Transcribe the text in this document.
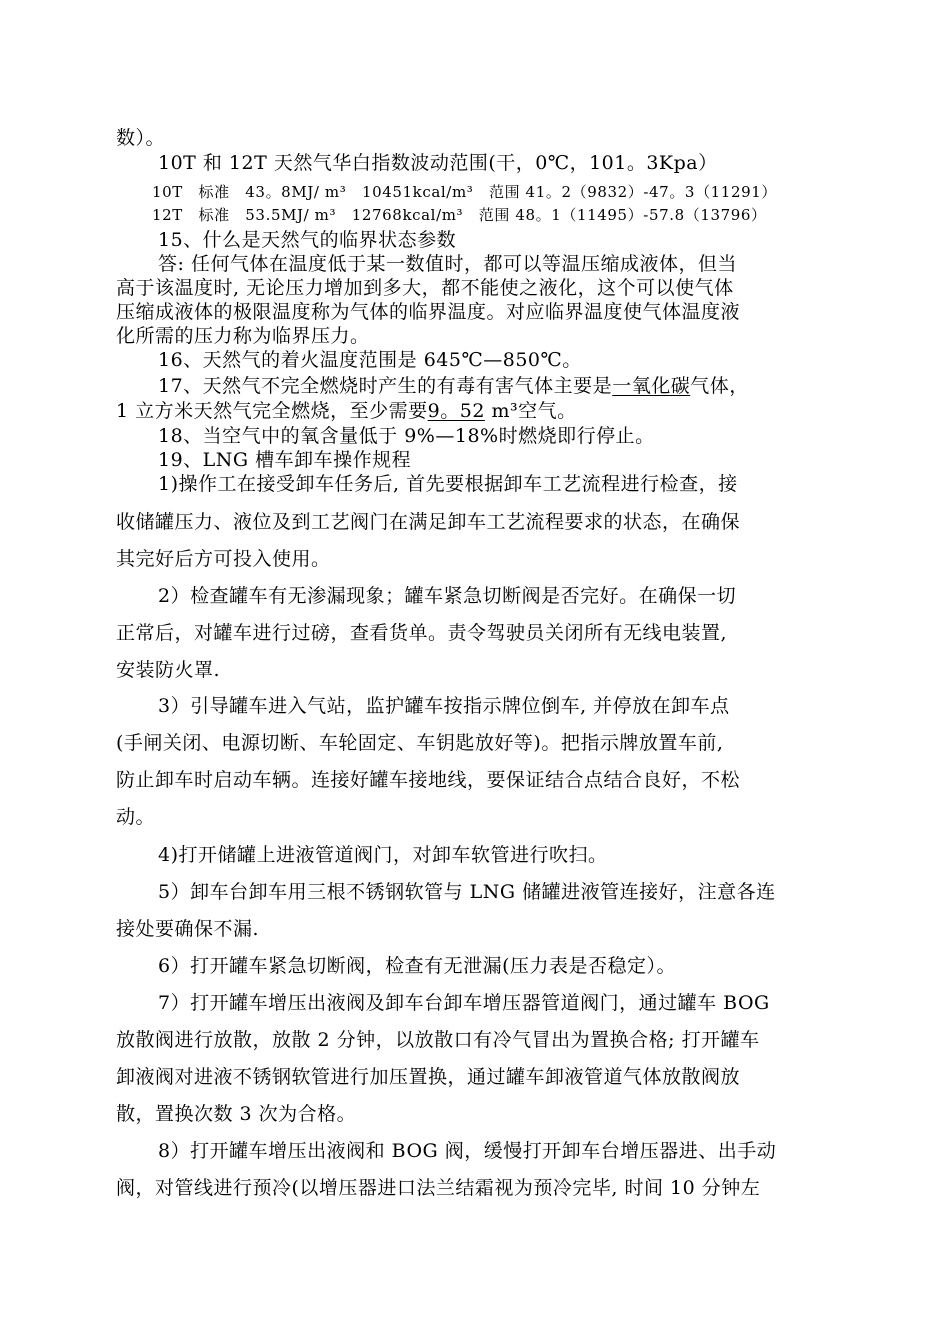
数）。
10T 和 12T 天然气华白指数波动范围(干，0℃，101。3Kpa）
10T　标准　43。8MJ/ m³　10451kcal/m³　范围 41。2（9832）-47。3（11291）
12T　标准　53.5MJ/ m³　12768kcal/m³　范围 48。1（11495）-57.8（13796）
15、什么是天然气的临界状态参数
答: 任何气体在温度低于某一数值时，都可以等温压缩成液体，但当
高于该温度时, 无论压力增加到多大，都不能使之液化，这个可以使气体
压缩成液体的极限温度称为气体的临界温度。对应临界温度使气体温度液
化所需的压力称为临界压力。
16、天然气的着火温度范围是 645℃—850℃。
17、天然气不完全燃烧时产生的有毒有害气体主要是一氧化碳气体，
1 立方米天然气完全燃烧，至少需要9。52 m³空气。
18、当空气中的氧含量低于 9%—18%时燃烧即行停止。
19、LNG 槽车卸车操作规程
1)操作工在接受卸车任务后, 首先要根据卸车工艺流程进行检查，接
收储罐压力、液位及到工艺阀门在满足卸车工艺流程要求的状态，在确保
其完好后方可投入使用。
2）检查罐车有无渗漏现象；罐车紧急切断阀是否完好。在确保一切
正常后，对罐车进行过磅，查看货单。责令驾驶员关闭所有无线电装置,
安装防火罩.
3）引导罐车进入气站，监护罐车按指示牌位倒车, 并停放在卸车点
(手闸关闭、电源切断、车轮固定、车钥匙放好等)。把指示牌放置车前,
防止卸车时启动车辆。连接好罐车接地线，要保证结合点结合良好，不松
动。
4)打开储罐上进液管道阀门，对卸车软管进行吹扫。
5）卸车台卸车用三根不锈钢软管与 LNG 储罐进液管连接好，注意各连
接处要确保不漏.
6）打开罐车紧急切断阀，检查有无泄漏(压力表是否稳定）。
7）打开罐车增压出液阀及卸车台卸车增压器管道阀门，通过罐车 BOG
放散阀进行放散，放散 2 分钟，以放散口有冷气冒出为置换合格; 打开罐车
卸液阀对进液不锈钢软管进行加压置换，通过罐车卸液管道气体放散阀放
散，置换次数 3 次为合格。
8）打开罐车增压出液阀和 BOG 阀，缓慢打开卸车台增压器进、出手动
阀，对管线进行预冷(以增压器进口法兰结霜视为预冷完毕, 时间 10 分钟左
